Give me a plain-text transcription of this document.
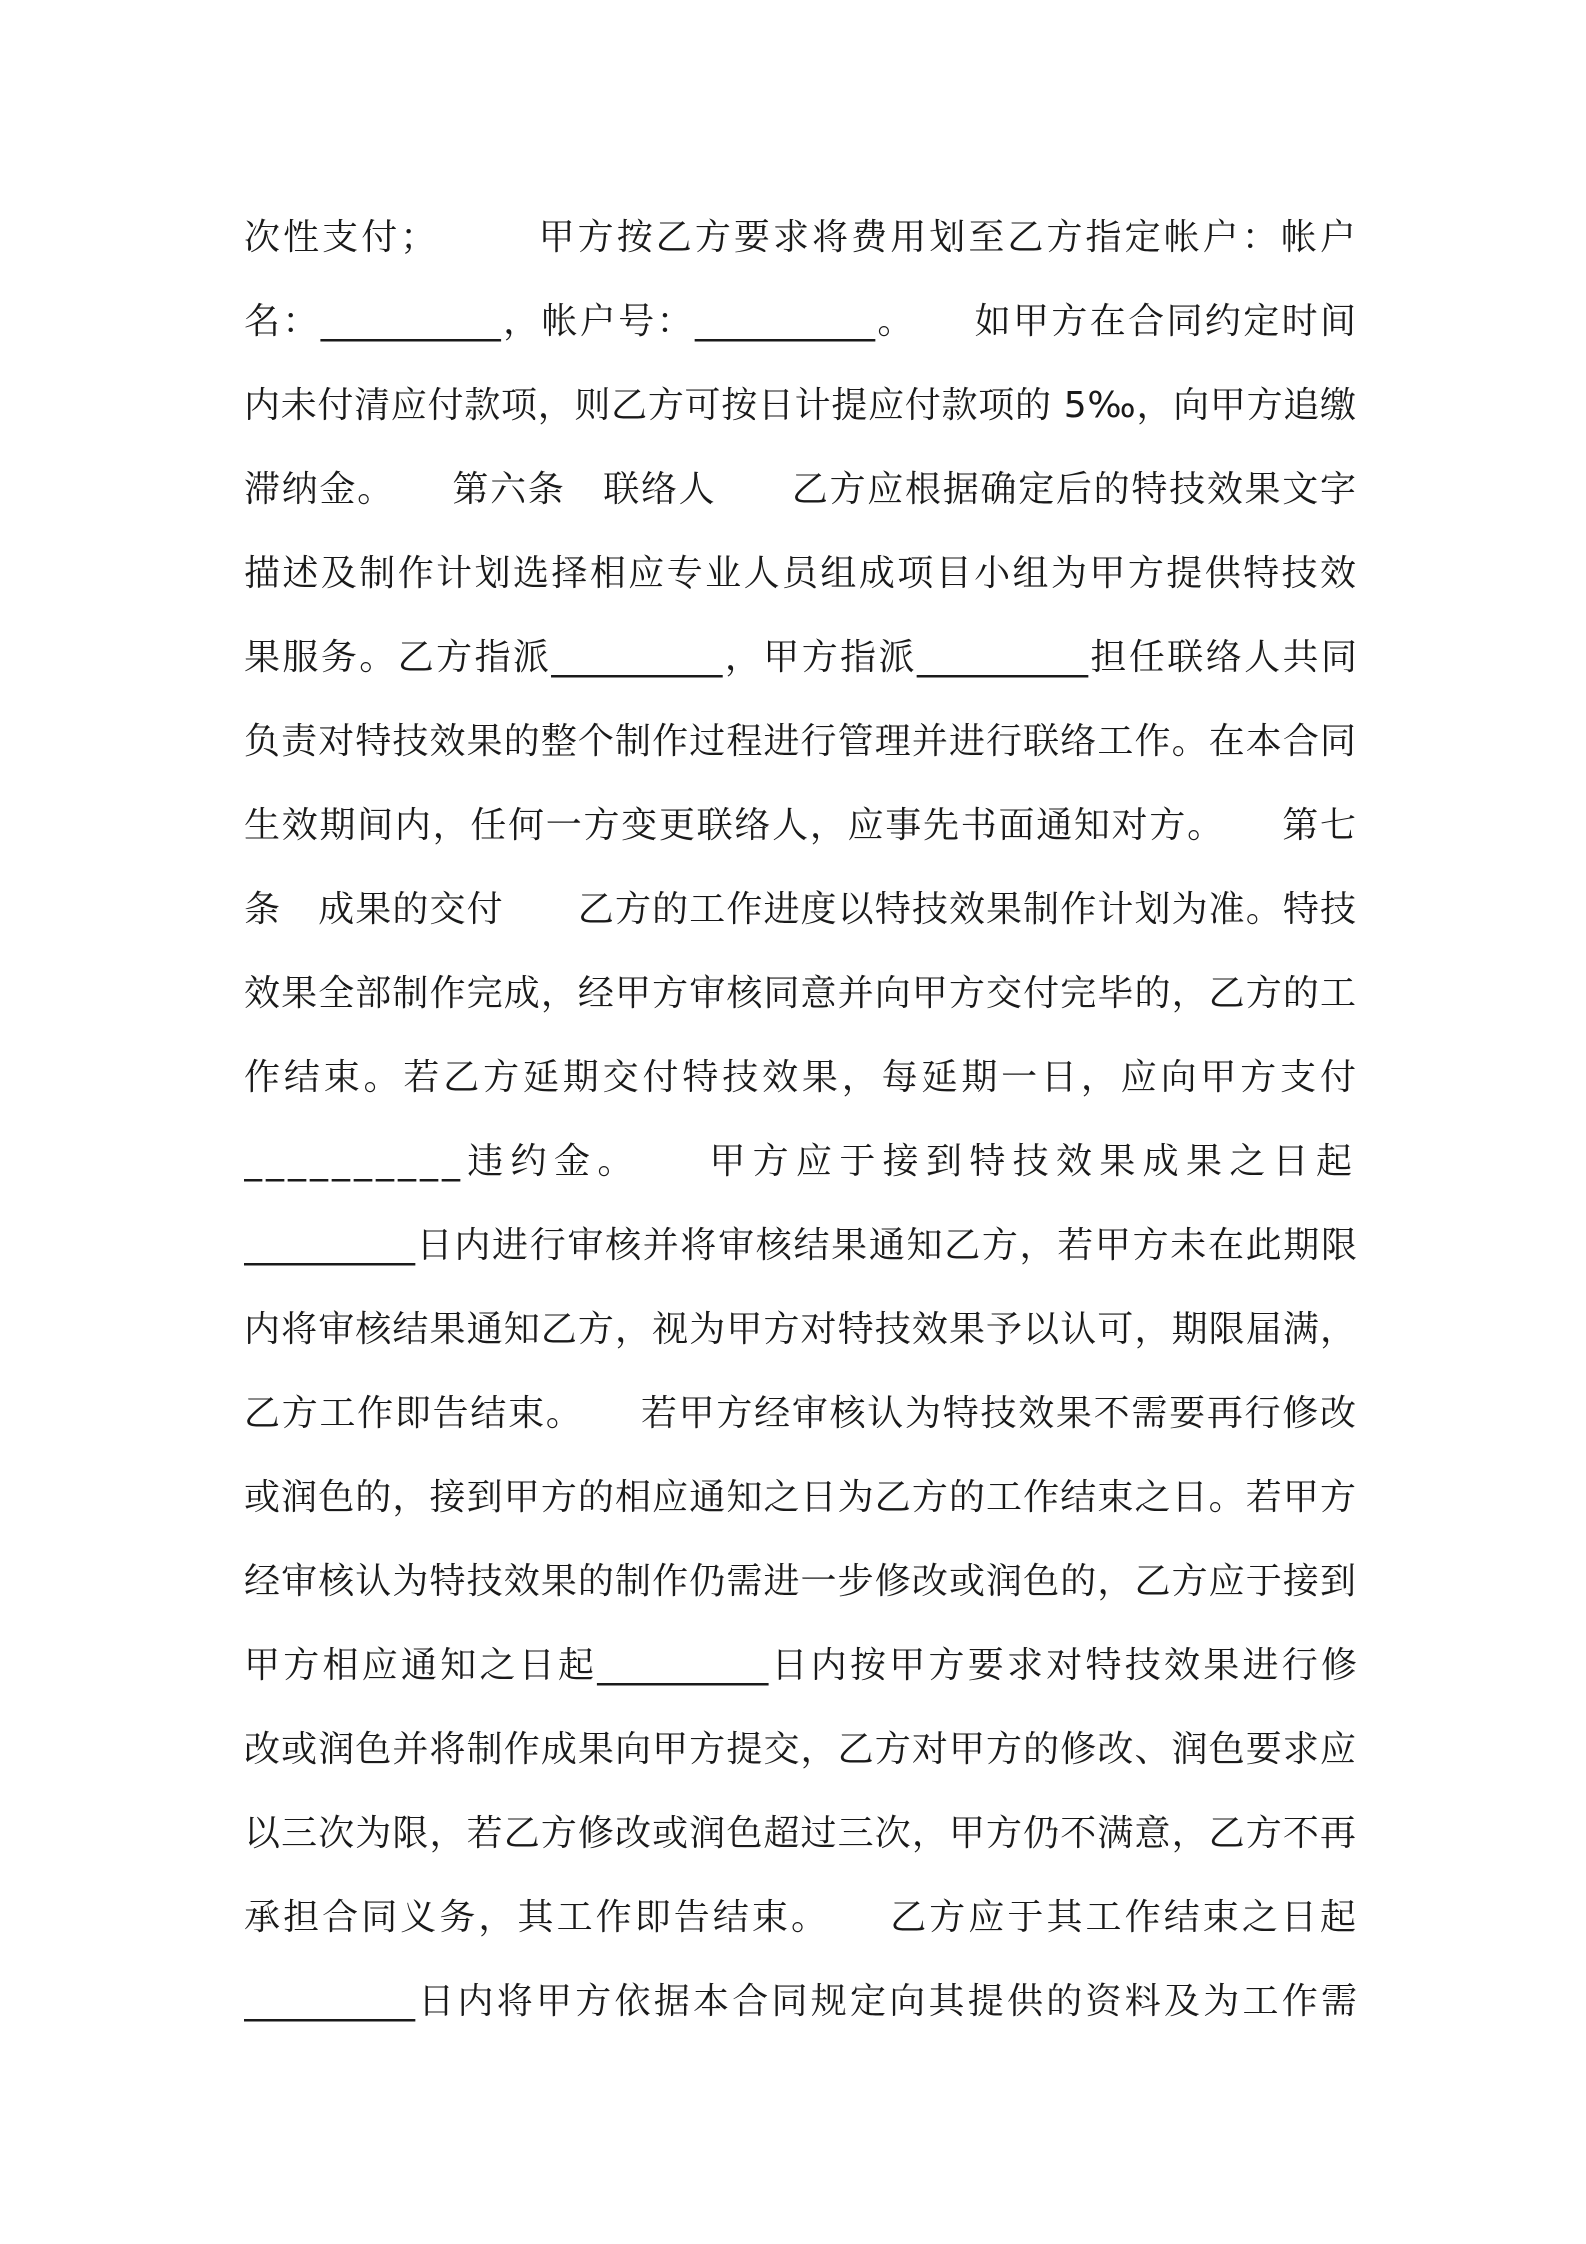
次性支付；　　　甲方按乙方要求将费用划至乙方指定帐户：帐户
名：__________，帐户号：__________。　　如甲方在合同约定时间
内未付清应付款项，则乙方可按日计提应付款项的 5‰，向甲方追缴
滞纳金。　　第六条　联络人　　乙方应根据确定后的特技效果文字
描述及制作计划选择相应专业人员组成项目小组为甲方提供特技效
果服务。乙方指派__________，甲方指派__________担任联络人共同
负责对特技效果的整个制作过程进行管理并进行联络工作。在本合同
生效期间内，任何一方变更联络人，应事先书面通知对方。　　第七
条　成果的交付　　乙方的工作进度以特技效果制作计划为准。特技
效果全部制作完成，经甲方审核同意并向甲方交付完毕的，乙方的工
作结束。若乙方延期交付特技效果，每延期一日，应向甲方支付
__________违约金。　　甲方应于接到特技效果成果之日起
__________日内进行审核并将审核结果通知乙方，若甲方未在此期限
内将审核结果通知乙方，视为甲方对特技效果予以认可，期限届满，
乙方工作即告结束。　　若甲方经审核认为特技效果不需要再行修改
或润色的，接到甲方的相应通知之日为乙方的工作结束之日。若甲方
经审核认为特技效果的制作仍需进一步修改或润色的，乙方应于接到
甲方相应通知之日起__________日内按甲方要求对特技效果进行修
改或润色并将制作成果向甲方提交，乙方对甲方的修改、润色要求应
以三次为限，若乙方修改或润色超过三次，甲方仍不满意，乙方不再
承担合同义务，其工作即告结束。　　乙方应于其工作结束之日起
__________日内将甲方依据本合同规定向其提供的资料及为工作需
